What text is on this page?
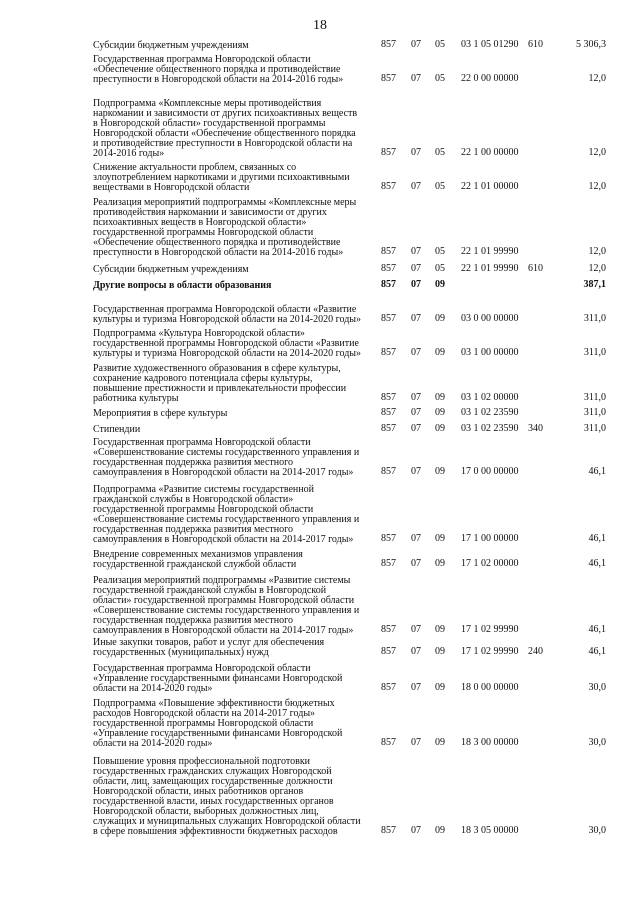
18

Субсидии бюджетным учреждениям	857	07	05	03 1 05 01290 610	5 306,3

Государственная программа Новгородской области «Обеспечение общественного порядка и противодействие преступности в Новгородской области на 2014-2016 годы»	857	07	05	22 0 00 00000	12,0

Подпрограмма «Комплексные меры противодействия наркомании и зависимости от других психоактивных веществ в Новгородской области» государственной программы Новгородской области «Обеспечение общественного порядка и противодействие преступности в Новгородской области на 2014-2016 годы»	857	07	05	22 1 00 00000	12,0

Снижение актуальности проблем, связанных со злоупотреблением наркотиками и другими психоактивными веществами в Новгородской области	857	07	05	22 1 01 00000	12,0

Реализация мероприятий подпрограммы «Комплексные меры противодействия наркомании и зависимости от других психоактивных веществ в Новгородской области» государственной программы Новгородской области «Обеспечение общественного порядка и противодействие преступности в Новгородской области на 2014-2016 годы»	857	07	05	22 1 01 99990	12,0

Субсидии бюджетным учреждениям	857	07	05	22 1 01 99990 610	12,0

Другие вопросы в области образования	857	07	09	387,1

Государственная программа Новгородской области «Развитие культуры и туризма Новгородской области на 2014-2020 годы» 857	07	09	03 0 00 00000	311,0

Подпрограмма «Культура Новгородской области» государственной программы Новгородской области «Развитие культуры и туризма Новгородской области на 2014-2020 годы» 857	07	09	03 1 00 00000	311,0

Развитие художественного образования в сфере культуры, сохранение кадрового потенциала сферы культуры, повышение престижности и привлекательности профессии работника культуры	857	07	09	03 1 02 00000	311,0

Мероприятия в сфере культуры	857	07	09	03 1 02 23590	311,0

Стипендии	857	07	09	03 1 02 23590 340	311,0

Государственная программа Новгородской области «Совершенствование системы государственного управления и государственная поддержка развития местного самоуправления в Новгородской области на 2014-2017 годы»	857	07	09	17 0 00 00000	46,1

Подпрограмма «Развитие системы государственной гражданской службы в Новгородской области» государственной программы Новгородской области «Совершенствование системы государственного управления и государственная поддержка развития местного самоуправления в Новгородской области на 2014-2017 годы»	857	07	09	17 1 00 00000	46,1

Внедрение современных механизмов управления государственной гражданской службой области	857	07	09	17 1 02 00000	46,1

Реализация мероприятий подпрограммы «Развитие системы государственной гражданской службы в Новгородской области» государственной программы Новгородской области «Совершенствование системы государственного управления и государственная поддержка развития местного самоуправления в Новгородской области на 2014-2017 годы»	857	07	09	17 1 02 99990	46,1

Иные закупки товаров, работ и услуг для обеспечения государственных (муниципальных) нужд	857	07	09	17 1 02 99990 240	46,1

Государственная программа Новгородской области «Управление государственными финансами Новгородской области на 2014-2020 годы»	857	07	09	18 0 00 00000	30,0

Подпрограмма «Повышение эффективности бюджетных расходов Новгородской области на 2014-2017 годы» государственной программы Новгородской области «Управление государственными финансами Новгородской области на 2014-2020 годы»	857	07	09	18 3 00 00000	30,0

Повышение уровня профессиональной подготовки государственных гражданских служащих Новгородской области, лиц, замещающих государственные должности Новгородской области, иных работников органов государственной власти, иных государственных органов Новгородской области, выборных должностных лиц, служащих и муниципальных служащих Новгородской области в сфере повышения эффективности бюджетных расходов	857	07	09	18 3 05 00000	30,0
